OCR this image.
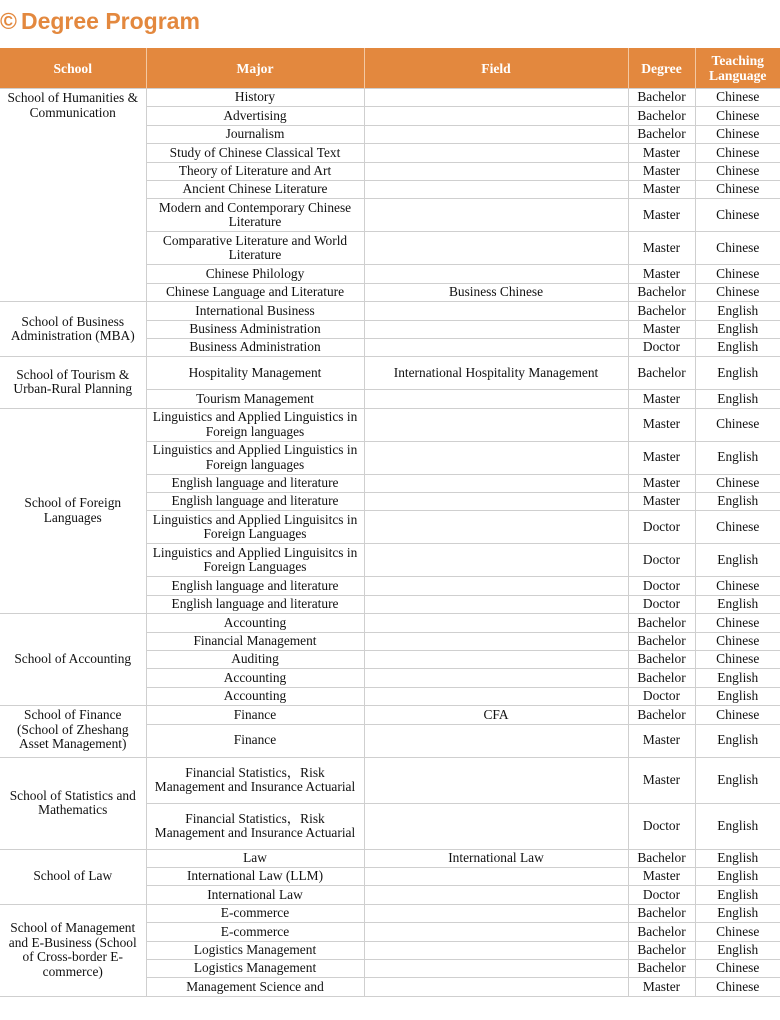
© Degree Program
School	Major	Field	Degree	Teaching
Language
School of Humanities & Communication	History		Bachelor	Chinese
	Advertising		Bachelor	Chinese
	Journalism		Bachelor	Chinese
	Study of Chinese Classical Text		Master	Chinese
	Theory of Literature and Art		Master	Chinese
	Ancient Chinese Literature		Master	Chinese
	Modern and Contemporary Chinese Literature		Master	Chinese
	Comparative Literature and World Literature		Master	Chinese
	Chinese Philology		Master	Chinese
	Chinese Language and Literature	Business Chinese	Bachelor	Chinese
School of Business Administration (MBA)	International Business		Bachelor	English
	Business Administration		Master	English
	Business Administration		Doctor	English
School of Tourism & Urban-Rural Planning	Hospitality Management	International Hospitality Management	Bachelor	English
	Tourism Management		Master	English
School of Foreign Languages	Linguistics and Applied Linguistics in Foreign languages		Master	Chinese
	Linguistics and Applied Linguistics in Foreign languages		Master	English
	English language and literature		Master	Chinese
	English language and literature		Master	English
	Linguistics and Applied Linguisitcs in Foreign Languages		Doctor	Chinese
	Linguistics and Applied Linguisitcs in Foreign Languages		Doctor	English
	English language and literature		Doctor	Chinese
	English language and literature		Doctor	English
School of Accounting	Accounting		Bachelor	Chinese
	Financial Management		Bachelor	Chinese
	Auditing		Bachelor	Chinese
	Accounting		Bachelor	English
	Accounting		Doctor	English
School of Finance (School of Zheshang Asset Management)	Finance	CFA	Bachelor	Chinese
	Finance		Master	English
School of Statistics and Mathematics	Financial Statistics，Risk Management and Insurance Actuarial		Master	English
	Financial Statistics，Risk Management and Insurance Actuarial		Doctor	English
School of Law	Law	International Law	Bachelor	English
	International Law (LLM)		Master	English
	International Law		Doctor	English
School of Management and E-Business (School of Cross-border E-commerce)	E-commerce		Bachelor	English
	E-commerce		Bachelor	Chinese
	Logistics Management		Bachelor	English
	Logistics Management		Bachelor	Chinese
	Management Science and		Master	Chinese
